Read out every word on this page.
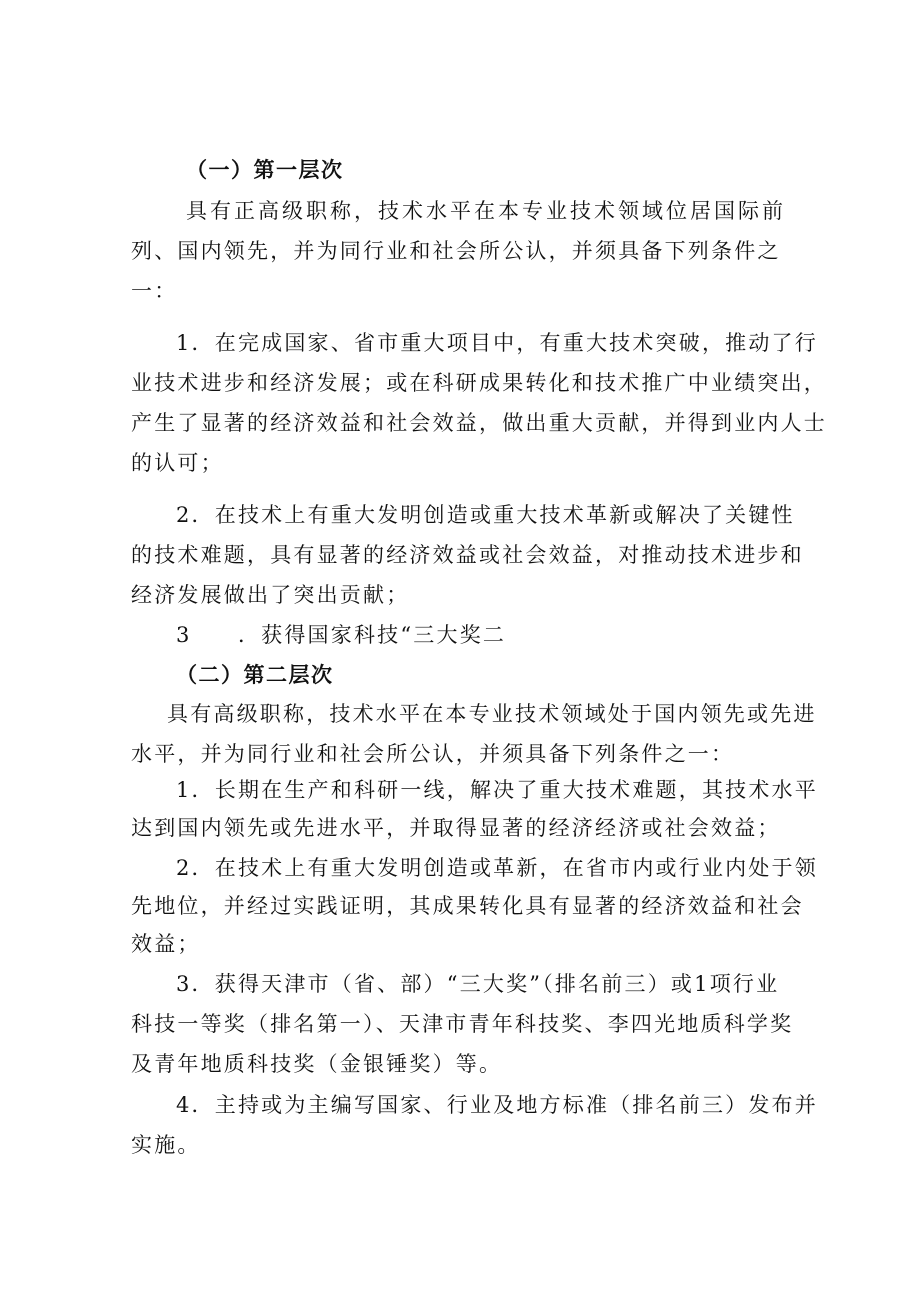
（一）第一层次
具有正高级职称，技术水平在本专业技术领域位居国际前
列、国内领先，并为同行业和社会所公认，并须具备下列条件之
一：
1．在完成国家、省市重大项目中，有重大技术突破，推动了行
业技术进步和经济发展；或在科研成果转化和技术推广中业绩突出，
产生了显著的经济效益和社会效益，做出重大贡献，并得到业内人士
的认可；
2．在技术上有重大发明创造或重大技术革新或解决了关键性
的技术难题，具有显著的经济效益或社会效益，对推动技术进步和
经济发展做出了突出贡献；
3　　．获得国家科技“三大奖二
（二）第二层次
具有高级职称，技术水平在本专业技术领域处于国内领先或先进
水平，并为同行业和社会所公认，并须具备下列条件之一：
1．长期在生产和科研一线，解决了重大技术难题，其技术水平
达到国内领先或先进水平，并取得显著的经济经济或社会效益；
2．在技术上有重大发明创造或革新，在省市内或行业内处于领
先地位，并经过实践证明，其成果转化具有显著的经济效益和社会
效益；
3．获得天津市（省、部）“三大奖”（排名前三）或1项行业
科技一等奖（排名第一）、天津市青年科技奖、李四光地质科学奖
及青年地质科技奖（金银锤奖）等。
4．主持或为主编写国家、行业及地方标准（排名前三）发布并
实施。
